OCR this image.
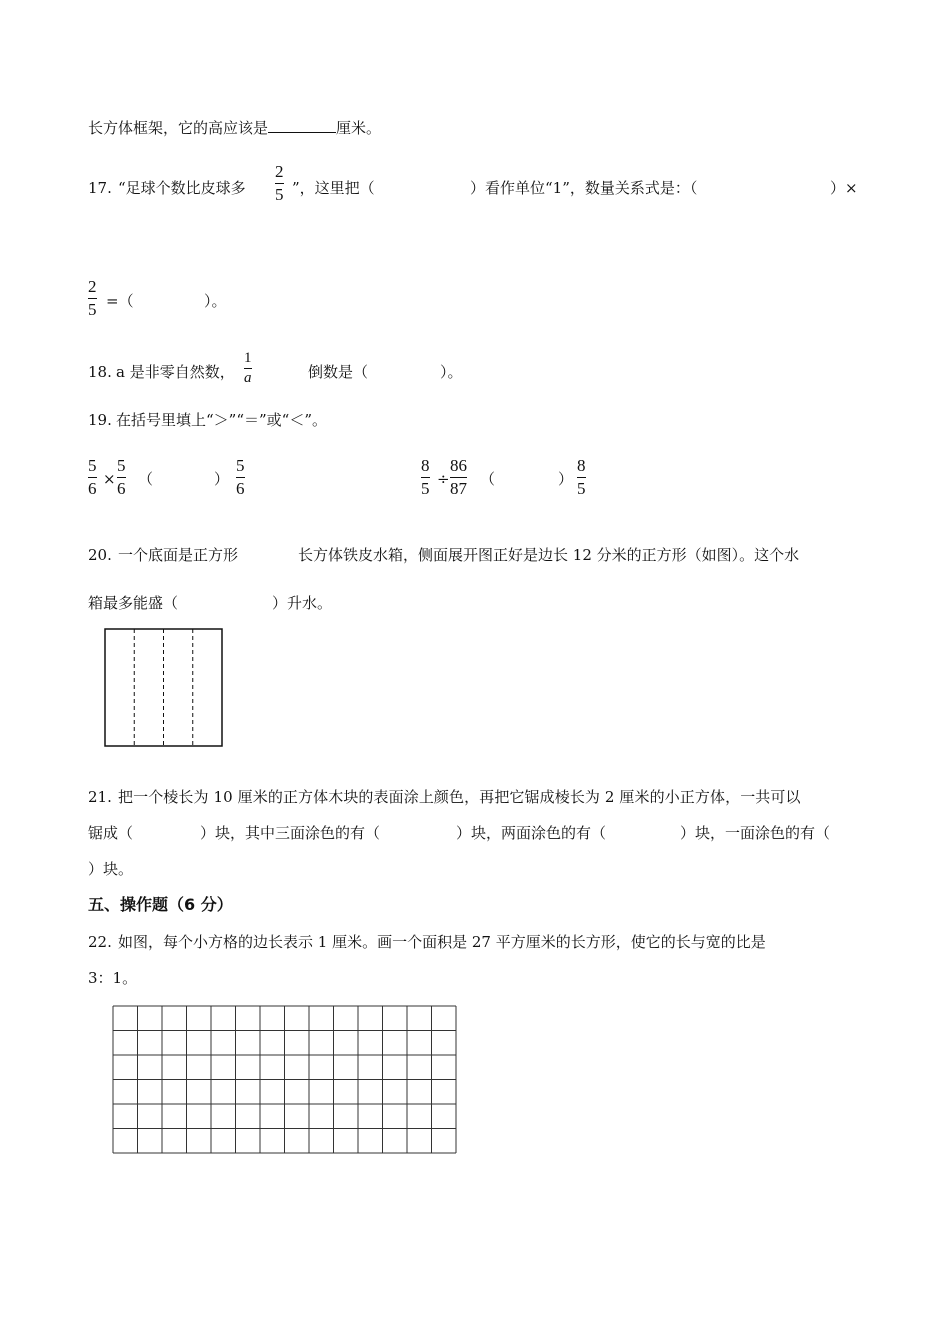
长方体框架，它的高应该是	厘米。
17. “足球个数比皮球多
2
5 ”，这里把（	）看作单位“1”，数量关系式是：（	）×
2
5 =（	）。
18. a 是非零自然数，
1
a	倒数是（	）。
19. 在括号里填上“＞”“＝”或“＜”。
5
6 ×
5
6 （	）
5
6
8
5 ÷
86
87 （	）
8
5
20. 一个底面是正方形	长方体铁皮水箱，侧面展开图正好是边长 12 分米的正方形（如图）。这个水
箱最多能盛（	）升水。
21. 把一个棱长为 10 厘米的正方体木块的表面涂上颜色，再把它锯成棱长为 2 厘米的小正方体，一共可以
锯成（	）块，其中三面涂色的有（	）块，两面涂色的有（	）块，一面涂色的有（
）块。
五、操作题（6 分）
22. 如图，每个小方格的边长表示 1 厘米。画一个面积是 27 平方厘米的长方形，使它的长与宽的比是
3：1。
